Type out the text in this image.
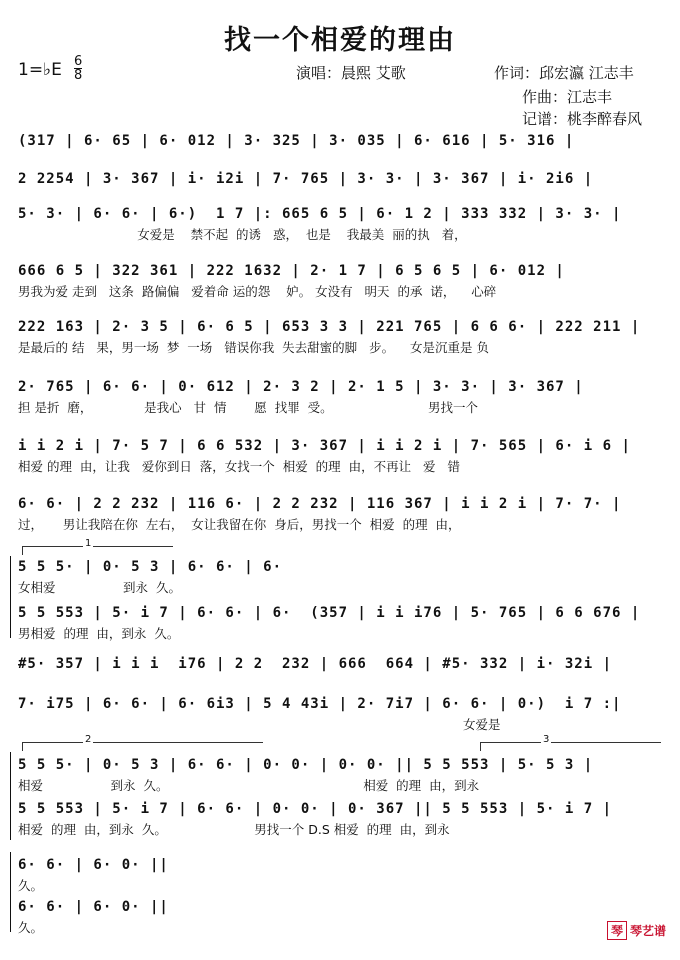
找一个相爱的理由
1=♭E 6
8	演唱：晨熙 艾歌	作词：邱宏瀛 江志丰
作曲：江志丰
记谱：桃李醉春风
(317 | 6· 65 | 6· 012 | 3· 325 | 3· 035 | 6· 616 | 5· 316 |
2 2254 | 3· 367 | i· i2i | 7· 765 | 3· 3· | 3· 367 | i· 2i6 |
5· 3· | 6· 6· | 6·)  1 7 |: 665 6 5 | 6· 1 2 | 333 332 | 3· 3· |
女爱是    禁不起  的诱   惑，  也是    我最美  丽的执   着，
666 6 5 | 322 361 | 222 1632 | 2· 1 7 | 6 5 6 5 | 6· 012 |
男我为爱 走到   这条  路偏偏   爱着命 运的怨    妒。 女没有   明天  的承  诺，    心碎
222 163 | 2· 3 5 | 6· 6 5 | 653 3 3 | 221 765 | 6 6 6· | 222 211 |
是最后的 结   果，男一场  梦  一场   错误你我  失去甜蜜的脚   步。    女是沉重是 负
2· 765 | 6· 6· | 0· 612 | 2· 3 2 | 2· 1 5 | 3· 3· | 3· 367 |
担 是折  磨，             是我心   甘  情       愿  找罪  受。                        男找一个
i i 2 i | 7· 5 7 | 6 6 532 | 3· 367 | i i 2 i | 7· 565 | 6· i 6 |
相爱 的理  由，让我   爱你到日  落，女找一个  相爱  的理  由，不再让   爱   错
6· 6· | 2 2 232 | 116 6· | 2 2 232 | 116 367 | i i 2 i | 7· 7· |
过，     男让我陪在你  左右，  女让我留在你  身后，男找一个  相爱  的理  由，
1
5 5 5· | 0· 5 3 | 6· 6· | 6·
女相爱                 到永  久。
5 5 553 | 5· i 7 | 6· 6· | 6·  (357 | i i i76 | 5· 765 | 6 6 676 |
男相爱  的理  由，到永  久。
#5· 357 | i i i  i76 | 2 2  232 | 666  664 | #5· 332 | i· 32i |
7· i75 | 6· 6· | 6· 6i3 | 5 4 43i | 2· 7i7 | 6· 6· | 0·)  i 7 :|
女爱是
2	3
5 5 5· | 0· 5 3 | 6· 6· | 0· 0· | 0· 0· || 5 5 553 | 5· 5 3 |
相爱                 到永  久。                                                 相爱  的理  由，到永
5 5 553 | 5· i 7 | 6· 6· | 0· 0· | 0· 367 || 5 5 553 | 5· i 7 |
相爱  的理  由，到永  久。                      男找一个 D.S 相爱  的理  由，到永
6· 6· | 6· 0· ||
久。
6· 6· | 6· 0· ||
久。	琴 琴艺谱
